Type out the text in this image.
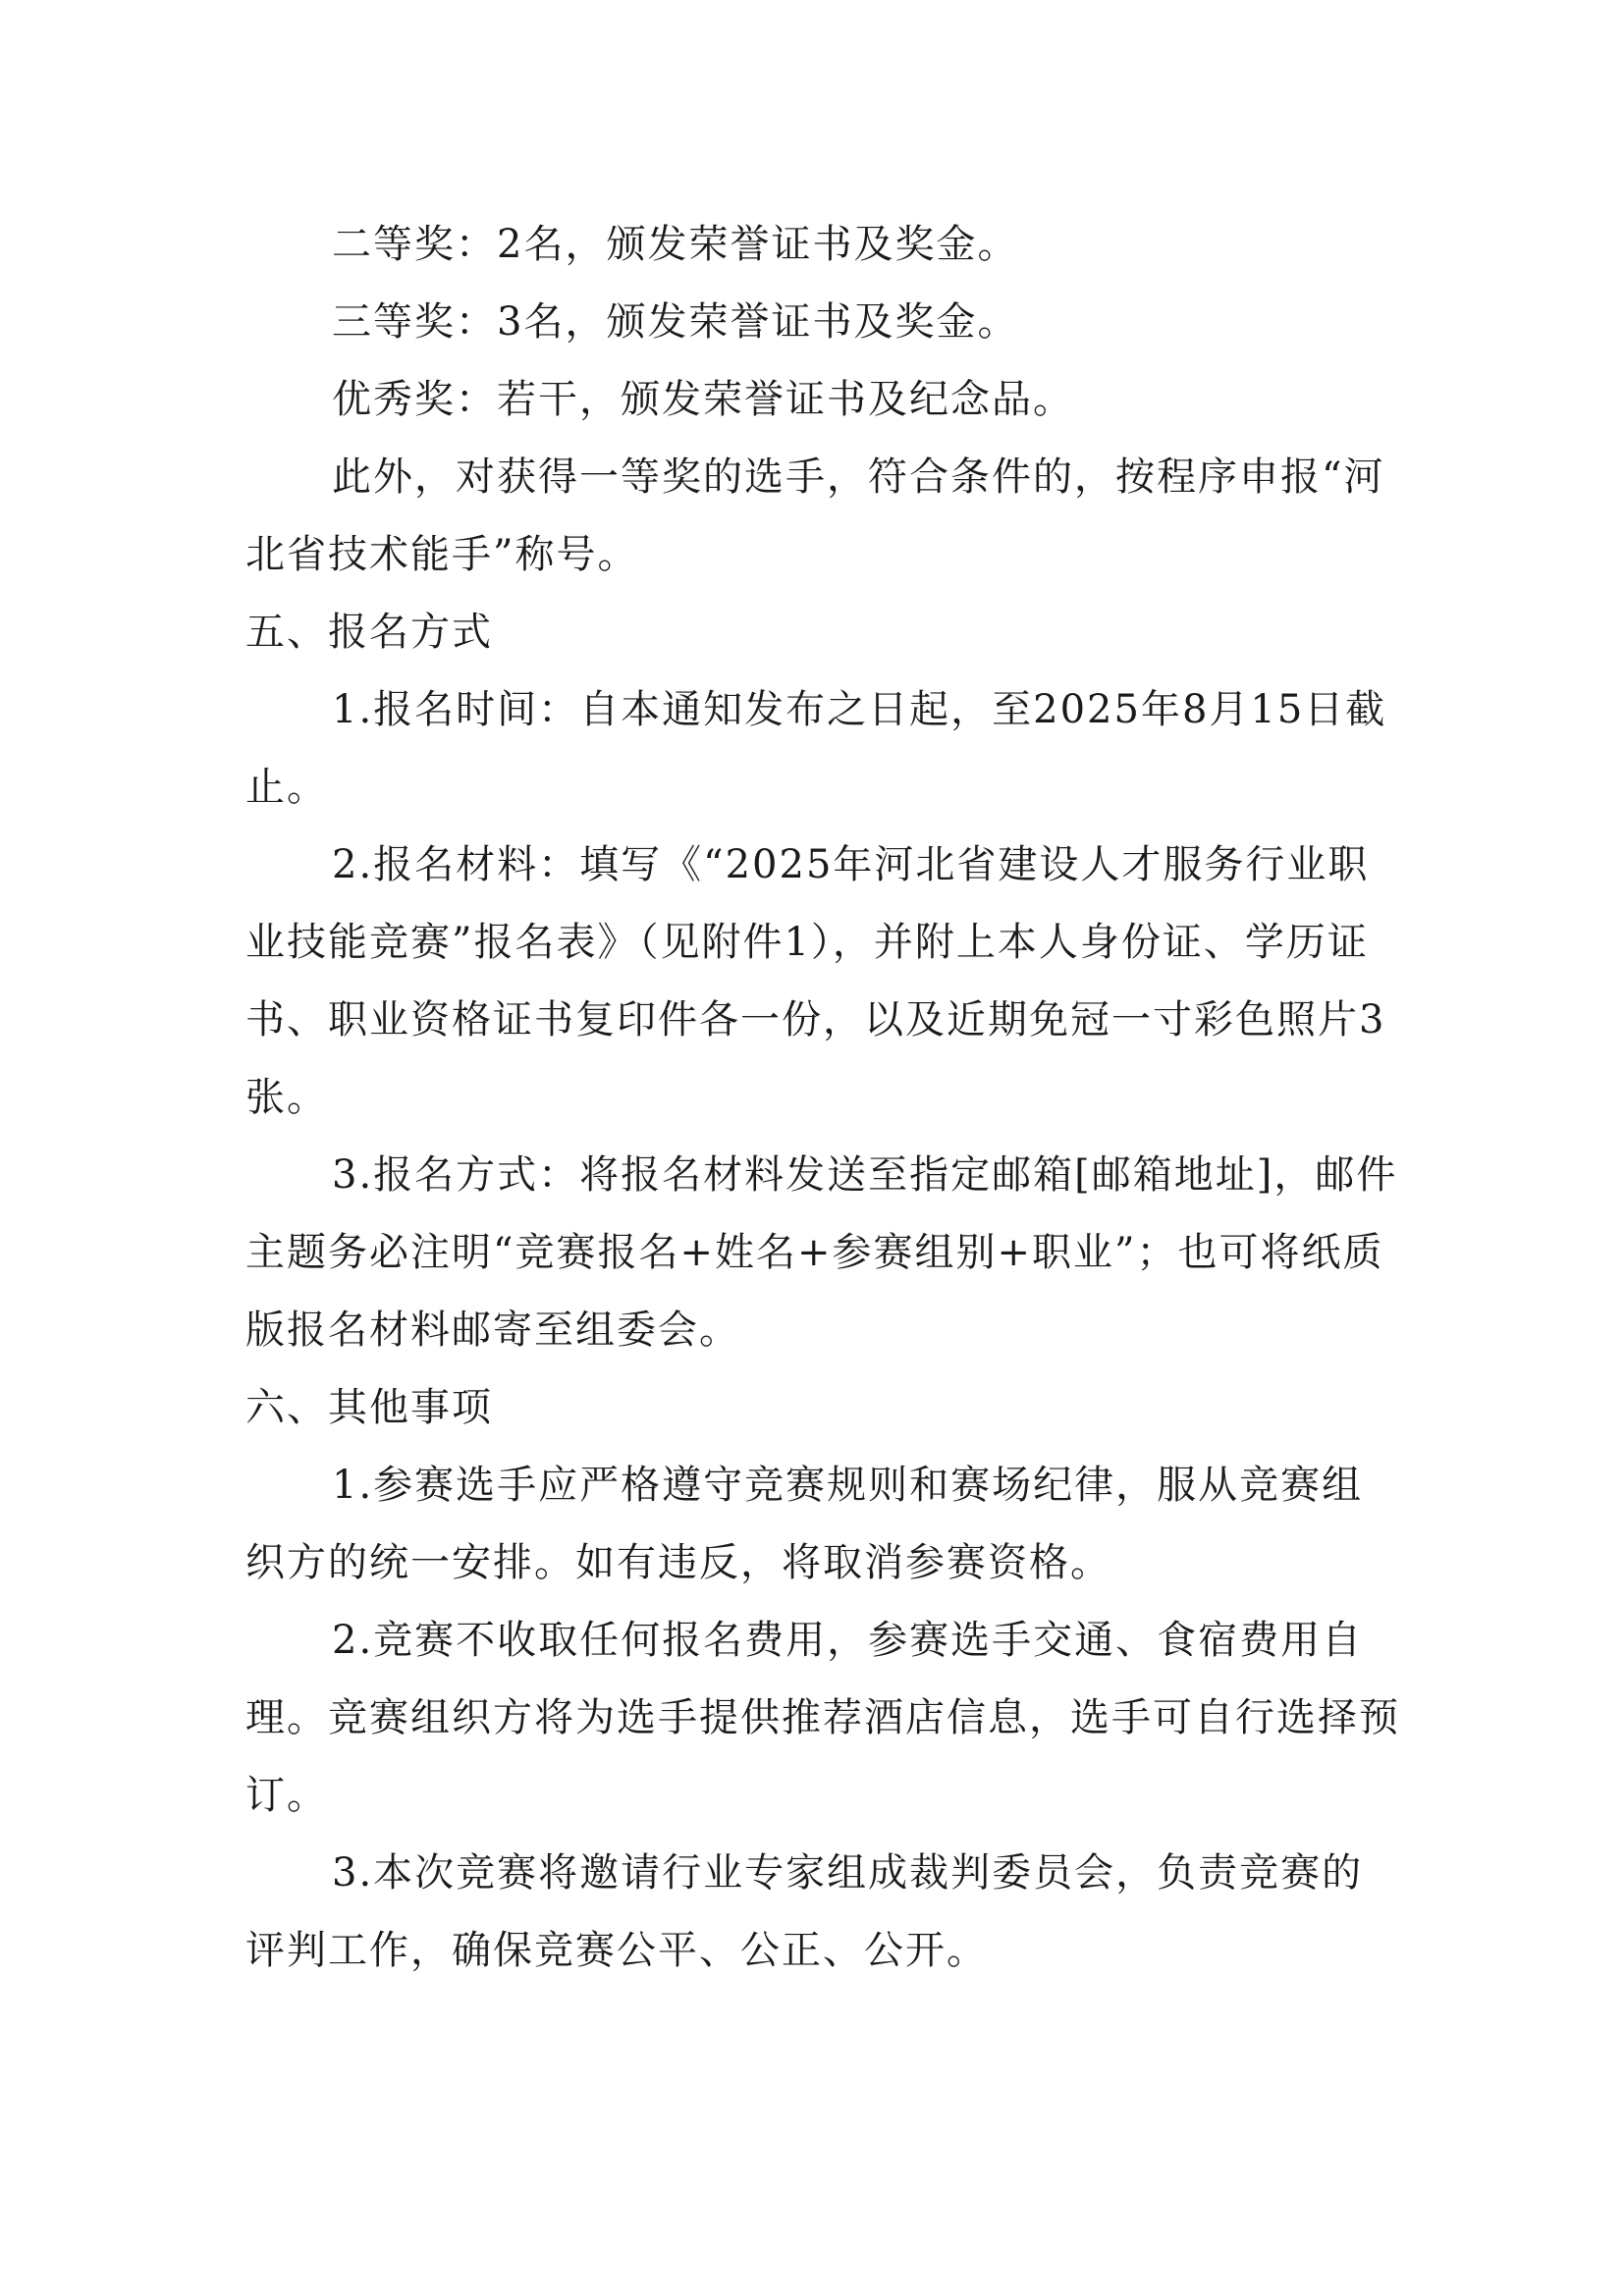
二等奖：2名，颁发荣誉证书及奖金。

三等奖：3名，颁发荣誉证书及奖金。

优秀奖：若干，颁发荣誉证书及纪念品。

此外，对获得一等奖的选手，符合条件的，按程序申报“河北省技术能手”称号。

五、报名方式

1.报名时间：自本通知发布之日起，至2025年8月15日截止。

2.报名材料：填写《“2025年河北省建设人才服务行业职业技能竞赛”报名表》（见附件1），并附上本人身份证、学历证书、职业资格证书复印件各一份，以及近期免冠一寸彩色照片3张。

3.报名方式：将报名材料发送至指定邮箱[邮箱地址]，邮件主题务必注明“竞赛报名+姓名+参赛组别+职业”；也可将纸质版报名材料邮寄至组委会。

六、其他事项

1.参赛选手应严格遵守竞赛规则和赛场纪律，服从竞赛组织方的统一安排。如有违反，将取消参赛资格。

2.竞赛不收取任何报名费用，参赛选手交通、食宿费用自理。竞赛组织方将为选手提供推荐酒店信息，选手可自行选择预订。

3.本次竞赛将邀请行业专家组成裁判委员会，负责竞赛的评判工作，确保竞赛公平、公正、公开。
